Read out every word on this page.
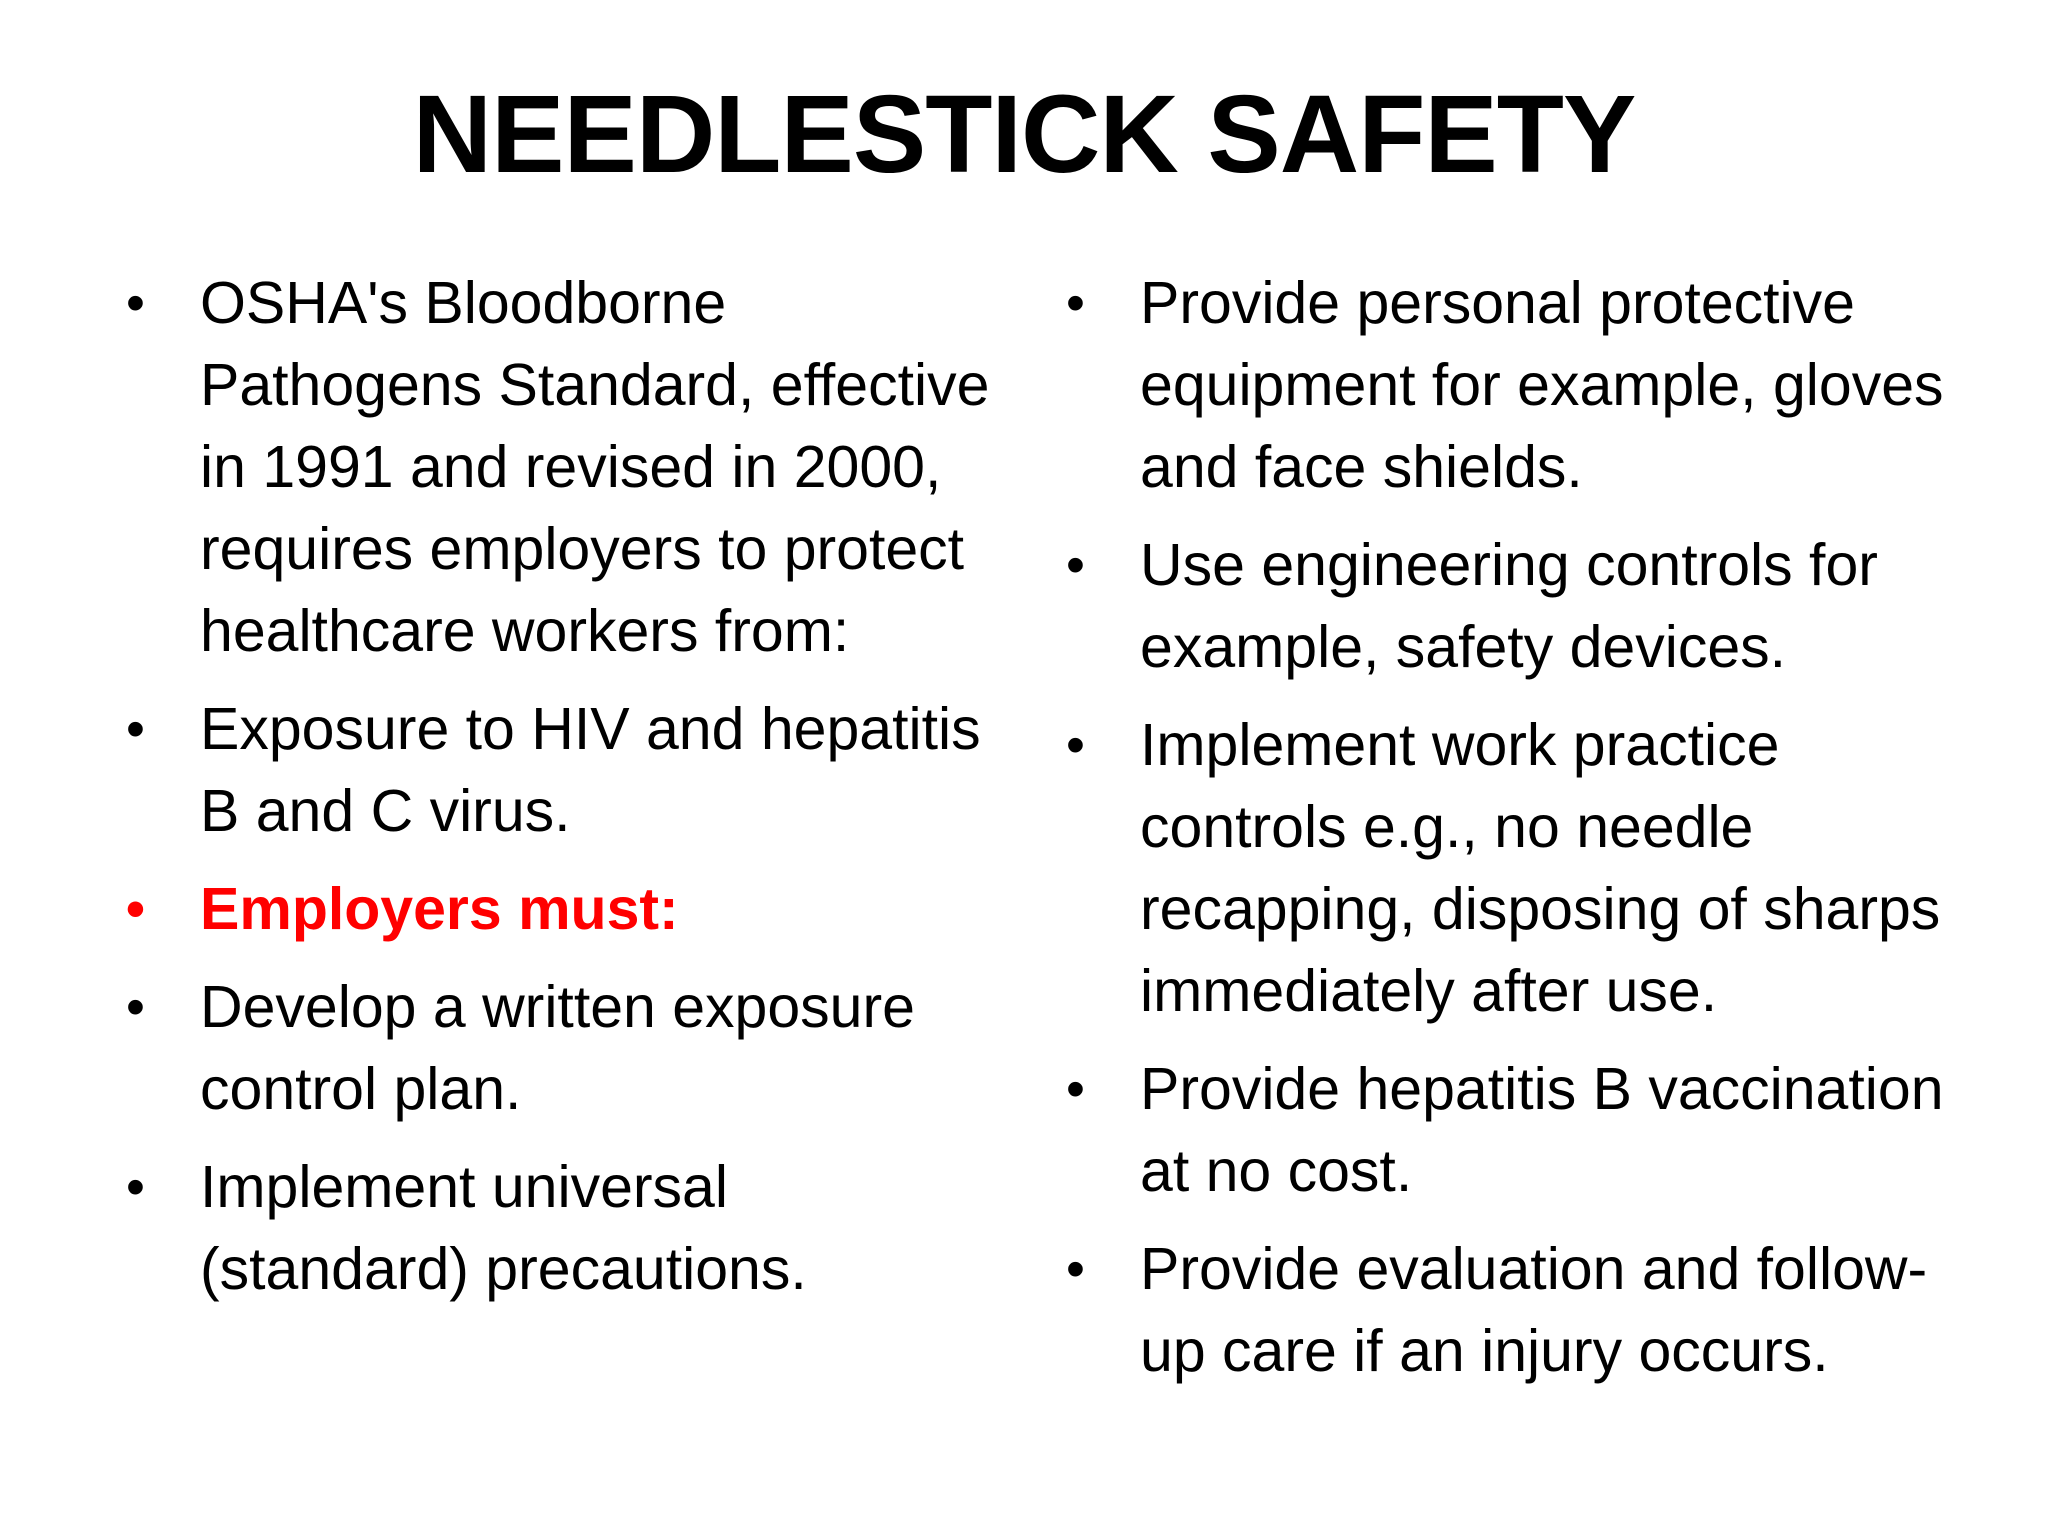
NEEDLESTICK SAFETY
• OSHA's Bloodborne Pathogens Standard, effective in 1991 and revised in 2000, requires employers to protect healthcare workers from:
• Exposure to HIV and hepatitis B and C virus.
• Employers must:
• Develop a written exposure control plan.
• Implement universal (standard) precautions.
• Provide personal protective equipment for example, gloves and face shields.
• Use engineering controls for example, safety devices.
• Implement work practice controls e.g., no needle recapping, disposing of sharps immediately after use.
• Provide hepatitis B vaccination at no cost.
• Provide evaluation and follow-up care if an injury occurs.
